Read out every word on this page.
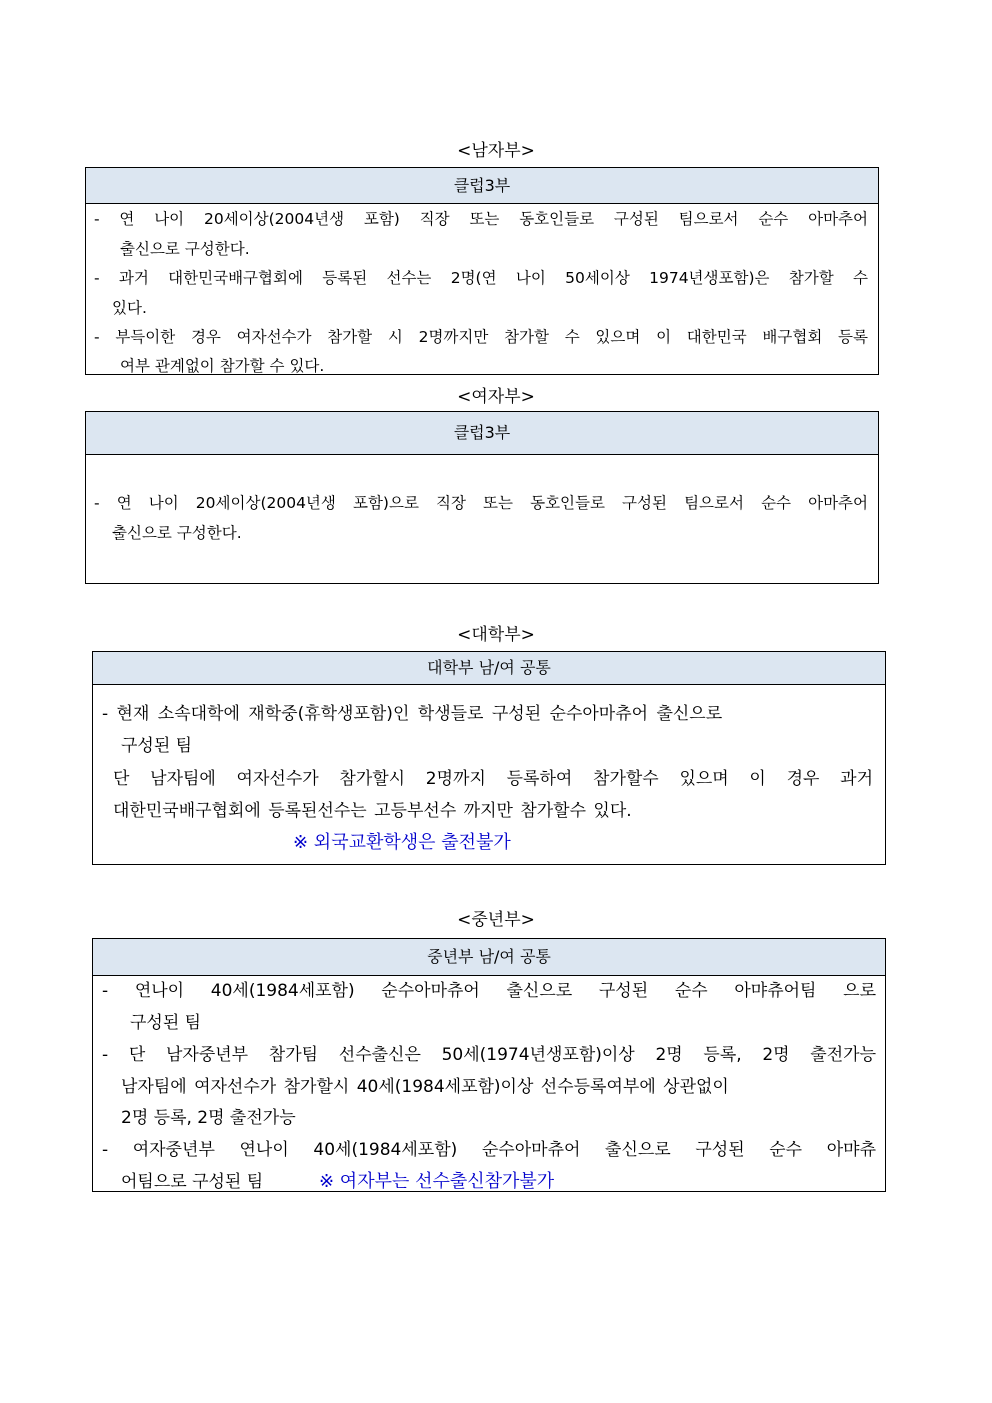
<남자부>
클럽3부
- 연 나이 20세이상(2004년생 포함) 직장 또는 동호인들로 구성된 팀으로서 순수 아마추어
출신으로 구성한다.
- 과거 대한민국배구협회에 등록된 선수는 2명(연 나이 50세이상 1974년생포함)은 참가할 수
있다.
- 부득이한 경우 여자선수가 참가할 시 2명까지만 참가할 수 있으며 이 대한민국 배구협회 등록
여부 관계없이 참가할 수 있다.
<여자부>
클럽3부
- 연 나이 20세이상(2004년생 포함)으로 직장 또는 동호인들로 구성된 팀으로서 순수 아마추어
출신으로 구성한다.
<대학부>
대학부 남/여 공통
- 현재 소속대학에 재학중(휴학생포함)인 학생들로 구성된 순수아마츄어 출신으로
구성된 팀
단 남자팀에 여자선수가 참가할시 2명까지 등록하여 참가할수 있으며 이 경우 과거
대한민국배구협회에 등록된선수는 고등부선수 까지만 참가할수 있다.
※ 외국교환학생은 출전불가
<중년부>
중년부 남/여 공통
- 연나이 40세(1984세포함) 순수아마츄어 출신으로 구성된 순수 아먀츄어팀 으로
구성된 팀
- 단 남자중년부 참가팀 선수출신은 50세(1974년생포함)이상 2명 등록, 2명 출전가능
남자팀에 여자선수가 참가할시 40세(1984세포함)이상 선수등록여부에 상관없이
2명 등록, 2명 출전가능
- 여자중년부 연나이 40세(1984세포함) 순수아마츄어 출신으로 구성된 순수 아먀츄
어팀으로 구성된 팀	※ 여자부는 선수출신참가불가
